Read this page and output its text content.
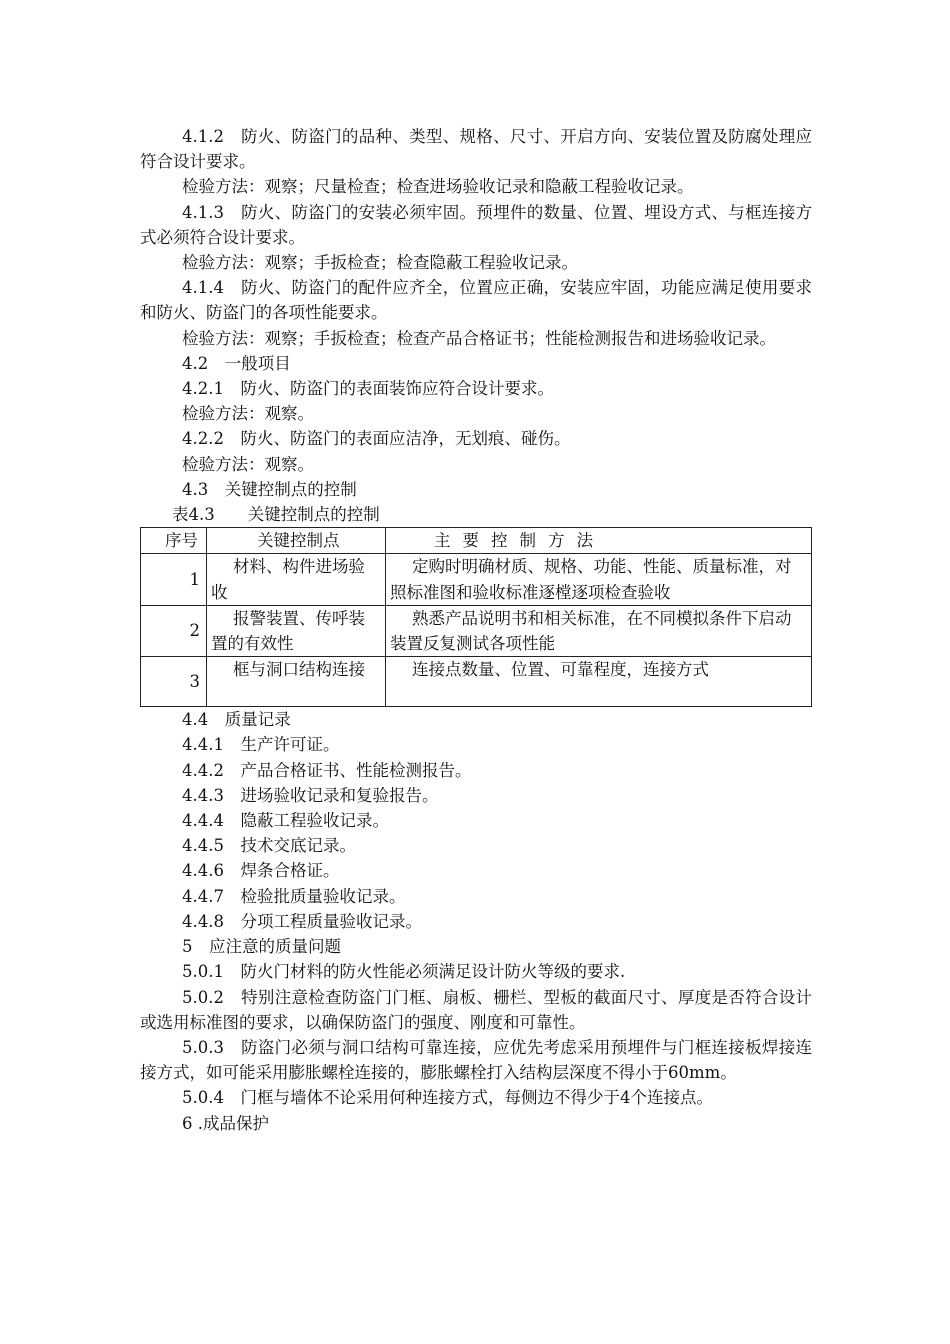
4.1.2　防火、防盗门的品种、类型、规格、尺寸、开启方向、安装位置及防腐处理应符合设计要求。

检验方法：观察；尺量检查；检查进场验收记录和隐蔽工程验收记录。

4.1.3　防火、防盗门的安装必须牢固。预埋件的数量、位置、埋设方式、与框连接方式必须符合设计要求。

检验方法：观察；手扳检查；检查隐蔽工程验收记录。

4.1.4　防火、防盗门的配件应齐全，位置应正确，安装应牢固，功能应满足使用要求和防火、防盗门的各项性能要求。

检验方法：观察；手扳检查；检查产品合格证书；性能检测报告和进场验收记录。

4.2　一般项目

4.2.1　防火、防盗门的表面装饰应符合设计要求。

检验方法：观察。

4.2.2　防火、防盗门的表面应洁净，无划痕、碰伤。

检验方法：观察。

4.3　关键控制点的控制

表4.3　　关键控制点的控制

序号	关键控制点	主要控制方法
1	材料、构件进场验收	定购时明确材质、规格、功能、性能、质量标准，对照标准图和验收标准逐樘逐项检查验收
2	报警装置、传呼装置的有效性	熟悉产品说明书和相关标准，在不同模拟条件下启动装置反复测试各项性能
3	框与洞口结构连接	连接点数量、位置、可靠程度，连接方式

4.4　质量记录

4.4.1　生产许可证。

4.4.2　产品合格证书、性能检测报告。

4.4.3　进场验收记录和复验报告。

4.4.4　隐蔽工程验收记录。

4.4.5　技术交底记录。

4.4.6　焊条合格证。

4.4.7　检验批质量验收记录。

4.4.8　分项工程质量验收记录。

5　应注意的质量问题

5.0.1　防火门材料的防火性能必须满足设计防火等级的要求.

5.0.2　特别注意检查防盗门门框、扇板、栅栏、型板的截面尺寸、厚度是否符合设计或选用标准图的要求，以确保防盗门的强度、刚度和可靠性。

5.0.3　防盗门必须与洞口结构可靠连接，应优先考虑采用预埋件与门框连接板焊接连接方式，如可能采用膨胀螺栓连接的，膨胀螺栓打入结构层深度不得小于60mm。

5.0.4　门框与墙体不论采用何种连接方式，每侧边不得少于4个连接点。

6 .成品保护
